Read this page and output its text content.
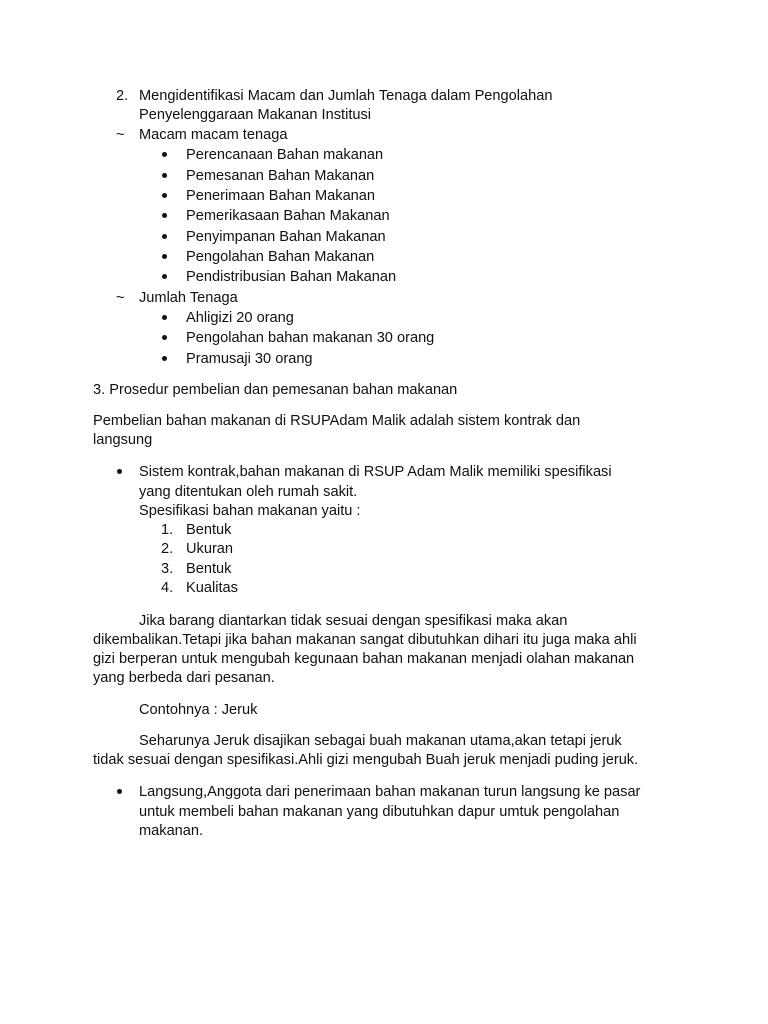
2. Mengidentifikasi Macam dan Jumlah Tenaga dalam Pengolahan
Penyelenggaraan Makanan Institusi
~ Macam macam tenaga
Perencanaan Bahan makanan
Pemesanan Bahan Makanan
Penerimaan Bahan Makanan
Pemerikasaan Bahan Makanan
Penyimpanan Bahan Makanan
Pengolahan Bahan Makanan
Pendistribusian Bahan Makanan
~ Jumlah Tenaga
Ahligizi 20 orang
Pengolahan bahan makanan 30 orang
Pramusaji 30 orang
3. Prosedur pembelian dan pemesanan bahan makanan
Pembelian bahan makanan di RSUPAdam Malik adalah sistem kontrak dan
langsung
Sistem kontrak,bahan makanan di RSUP Adam Malik memiliki spesifikasi
yang ditentukan oleh rumah sakit.
Spesifikasi bahan makanan yaitu :
1. Bentuk
2. Ukuran
3. Bentuk
4. Kualitas
Jika barang diantarkan tidak sesuai dengan spesifikasi maka akan
dikembalikan.Tetapi jika bahan makanan sangat dibutuhkan dihari itu juga maka ahli
gizi berperan untuk mengubah kegunaan bahan makanan menjadi olahan makanan
yang berbeda dari pesanan.
Contohnya : Jeruk
Seharunya Jeruk disajikan sebagai buah makanan utama,akan tetapi jeruk
tidak sesuai dengan spesifikasi.Ahli gizi mengubah Buah jeruk menjadi puding jeruk.
Langsung,Anggota dari penerimaan bahan makanan turun langsung ke pasar
untuk membeli bahan makanan yang dibutuhkan dapur umtuk pengolahan
makanan.
